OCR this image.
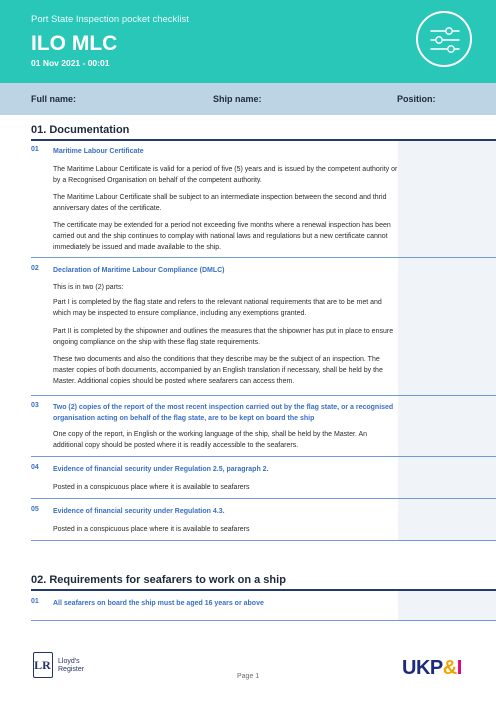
Port State Inspection pocket checklist
ILO MLC
01 Nov 2021 - 00:01
Full name:	Ship name:	Position:
01. Documentation
01 Maritime Labour Certificate

The Maritime Labour Certificate is valid for a period of five (5) years and is issued by the competent authority or by a Recognised Organisation on behalf of the competent authority.

The Maritime Labour Certificate shall be subject to an intermediate inspection between the second and thrid anniversary dates of the certificate.

The certificate may be extended for a period not exceeding five months where a renewal inspection has been carried out and the ship continues to complay with national laws and regulations but a new certificate cannot immediately be issued and made available to the ship.

02 Declaration of Maritime Labour Compliance (DMLC)

This is in two (2) parts:

Part I is completed by the flag state and refers to the relevant national requirements that are to be met and which may be inspected to ensure compliance, including any exemptions granted.

Part II is completed by the shipowner and outlines the measures that the shipowner has put in place to ensure ongoing compliance on the ship with these flag state requirements.

These two documents and also the conditions that they describe may be the subject of an inspection. The master copies of both documents, accompanied by an English translation if necessary, shall be held by the Master. Additional copies should be posted where seafarers can access them.

03 Two (2) copies of the report of the most recent inspection carried out by the flag state, or a recognised organisation acting on behalf of the flag state, are to be kept on board the ship

One copy of the report, in English or the working language of the ship, shall be held by the Master. An additional copy should be posted where it is readily accessible to the seafarers.

04 Evidence of financial security under Regulation 2.5, paragraph 2.

Posted in a conspicuous place where it is available to seafarers

05 Evidence of financial security under Regulation 4.3.

Posted in a conspicuous place where it is available to seafarers

02. Requirements for seafarers to work on a ship
01 All seafarers on board the ship must be aged 16 years or above
LR Lloyd's Register
Page 1	UKP&I
